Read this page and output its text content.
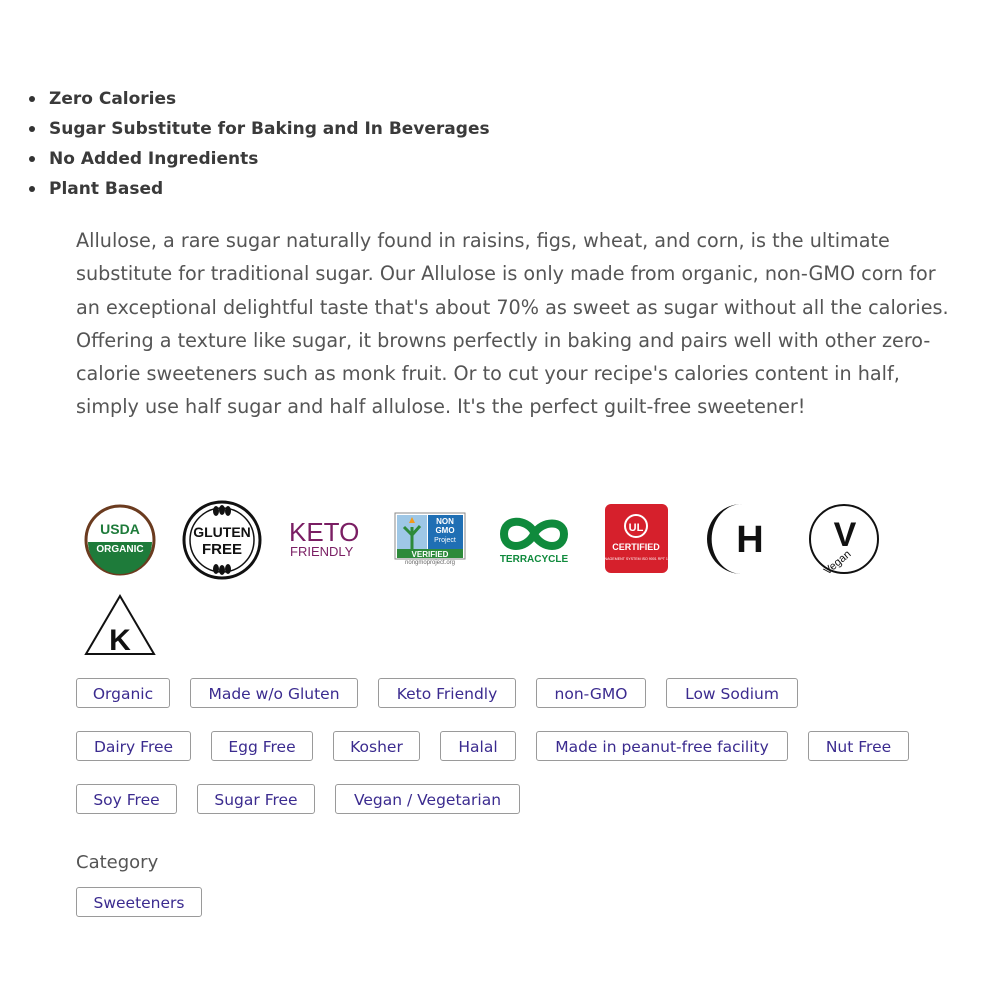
Zero Calories
Sugar Substitute for Baking and In Beverages
No Added Ingredients
Plant Based

Allulose, a rare sugar naturally found in raisins, figs, wheat, and corn, is the ultimate substitute for traditional sugar. Our Allulose is only made from organic, non-GMO corn for an exceptional delightful taste that's about 70% as sweet as sugar without all the calories. Offering a texture like sugar, it browns perfectly in baking and pairs well with other zero-calorie sweeteners such as monk fruit. Or to cut your recipe's calories content in half, simply use half sugar and half allulose. It's the perfect guilt-free sweetener!

USDA
ORGANIC
GLUTEN
FREE
KETO
FRIENDLY
NON
GMO
Project
VERIFIED
nongmoproject.org	TERRACYCLE
UL
CERTIFIED
MANAGEMENT SYSTEM ISO 9001 RPT 14.1 H V
Vegan
K
Organic	Made w/o Gluten	Keto Friendly	non-GMO	Low Sodium
Dairy Free	Egg Free	Kosher	Halal	Made in peanut-free facility	Nut Free
Soy Free	Sugar Free	Vegan / Vegetarian
Category
Sweeteners
